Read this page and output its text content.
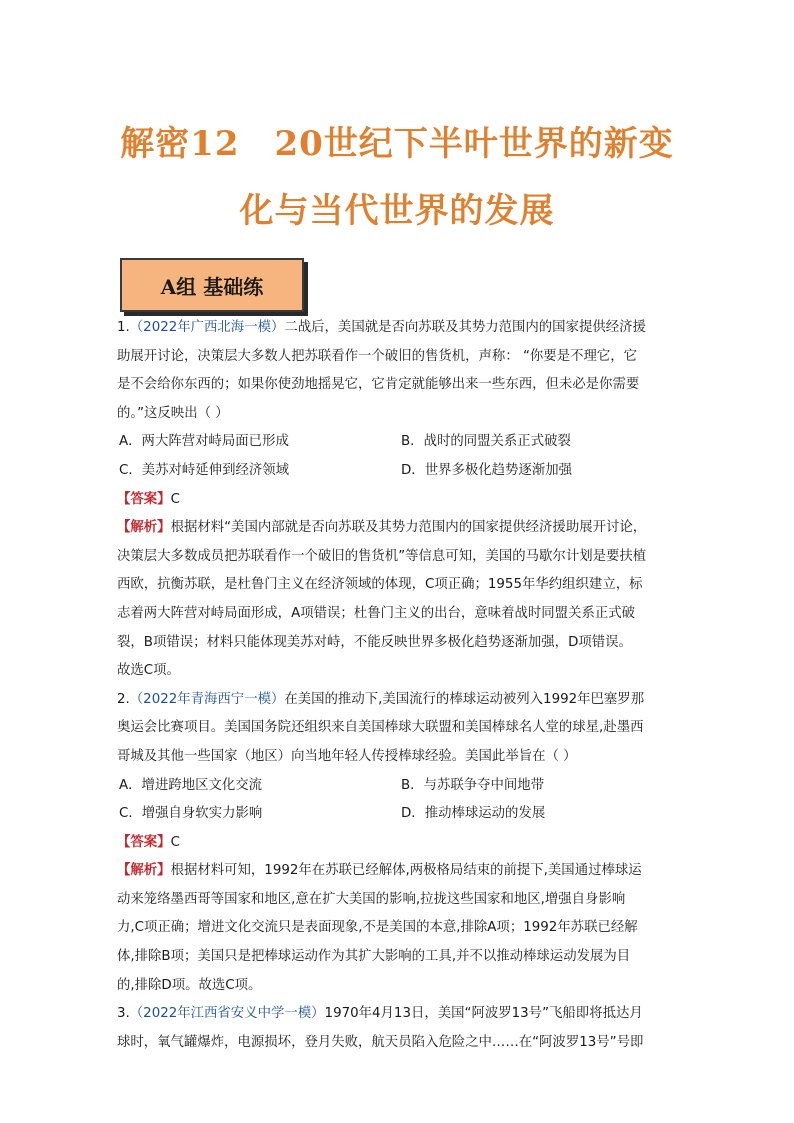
解密12　20世纪下半叶世界的新变
化与当代世界的发展
A组 基础练
1.（2022年广西北海一模）二战后，美国就是否向苏联及其势力范围内的国家提供经济援
助展开讨论，决策层大多数人把苏联看作一个破旧的售货机，声称： “你要是不理它，它
是不会给你东西的；如果你使劲地摇晃它，它肯定就能够出来一些东西，但未必是你需要
的。”这反映出（ ）
A．两大阵营对峙局面已形成	B．战时的同盟关系正式破裂
C．美苏对峙延伸到经济领域	D．世界多极化趋势逐渐加强
【答案】C
【解析】根据材料“美国内部就是否向苏联及其势力范围内的国家提供经济援助展开讨论，
决策层大多数成员把苏联看作一个破旧的售货机”等信息可知，美国的马歇尔计划是要扶植
西欧，抗衡苏联，是杜鲁门主义在经济领域的体现，C项正确；1955年华约组织建立，标
志着两大阵营对峙局面形成，A项错误；杜鲁门主义的出台，意味着战时同盟关系正式破
裂，B项错误；材料只能体现美苏对峙，不能反映世界多极化趋势逐渐加强，D项错误。
故选C项。
2.（2022年青海西宁一模）在美国的推动下,美国流行的棒球运动被列入1992年巴塞罗那
奥运会比赛项目。美国国务院还组织来自美国棒球大联盟和美国棒球名人堂的球星,赴墨西
哥城及其他一些国家（地区）向当地年轻人传授棒球经验。美国此举旨在（ ）
A．增进跨地区文化交流	B．与苏联争夺中间地带
C．增强自身软实力影响	D．推动棒球运动的发展
【答案】C
【解析】根据材料可知，1992年在苏联已经解体,两极格局结束的前提下,美国通过棒球运
动来笼络墨西哥等国家和地区,意在扩大美国的影响,拉拢这些国家和地区,增强自身影响
力,C项正确；增进文化交流只是表面现象,不是美国的本意,排除A项；1992年苏联已经解
体,排除B项；美国只是把棒球运动作为其扩大影响的工具,并不以推动棒球运动发展为目
的,排除D项。故选C项。
3.（2022年江西省安义中学一模）1970年4月13日，美国“阿波罗13号”飞船即将抵达月
球时，氧气罐爆炸，电源损坏，登月失败，航天员陷入危险之中……在“阿波罗13号”号即
